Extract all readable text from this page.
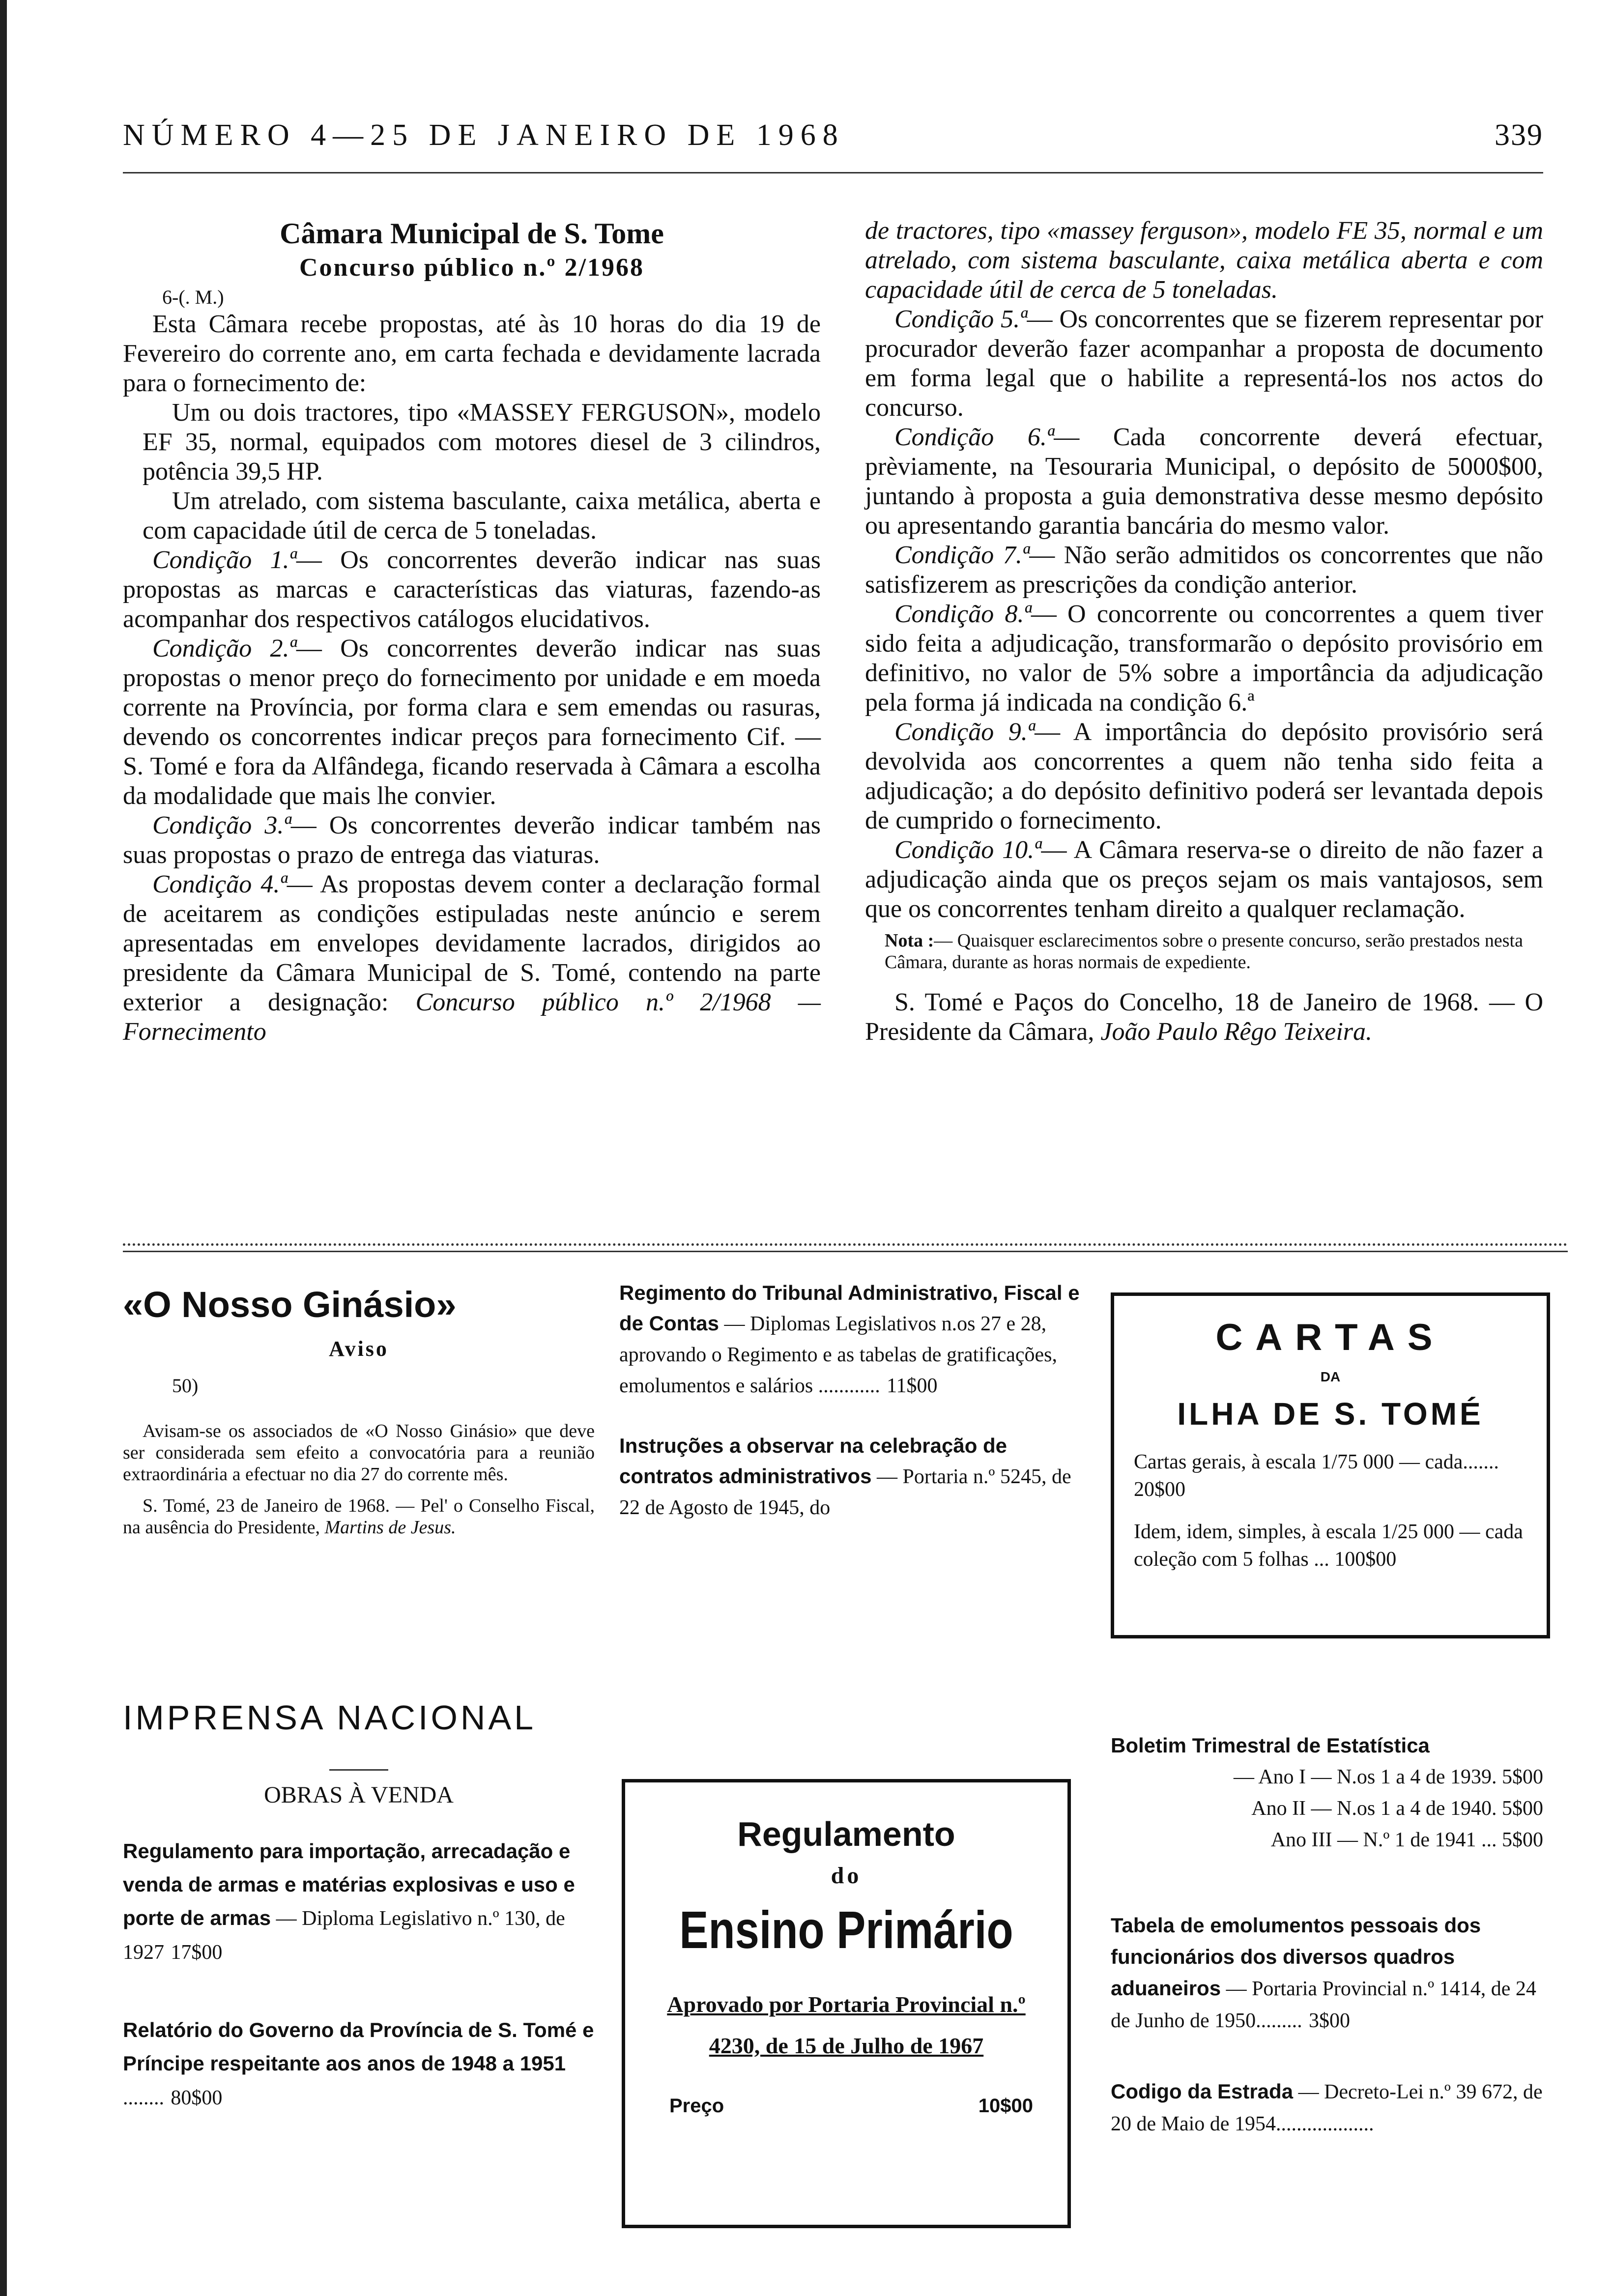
NÚMERO 4—25 DE JANEIRO DE 1968	339
Câmara Municipal de S. Tome
Concurso público n.º 2/1968
6-(. M.)

Esta Câmara recebe propostas, até às 10 horas do dia 19 de Fevereiro do corrente ano, em carta fechada e devidamente lacrada para o fornecimento de:

Um ou dois tractores, tipo «MASSEY FERGUSON», modelo EF 35, normal, equipados com motores diesel de 3 cilindros, potência 39,5 HP.

Um atrelado, com sistema basculante, caixa metálica, aberta e com capacidade útil de cerca de 5 toneladas.

Condição 1.ª— Os concorrentes deverão indicar nas suas propostas as marcas e características das viaturas, fazendo-as acompanhar dos respectivos catálogos elucidativos.

Condição 2.ª— Os concorrentes deverão indicar nas suas propostas o menor preço do fornecimento por unidade e em moeda corrente na Província, por forma clara e sem emendas ou rasuras, devendo os concorrentes indicar preços para fornecimento Cif. — S. Tomé e fora da Alfândega, ficando reservada à Câmara a escolha da modalidade que mais lhe convier.

Condição 3.ª— Os concorrentes deverão indicar também nas suas propostas o prazo de entrega das viaturas.

Condição 4.ª— As propostas devem conter a declaração formal de aceitarem as condições estipuladas neste anúncio e serem apresentadas em envelopes devidamente lacrados, dirigidos ao presidente da Câmara Municipal de S. Tomé, contendo na parte exterior a designação: Concurso público n.º 2/1968 — Fornecimento

de tractores, tipo «massey ferguson», modelo FE 35, normal e um atrelado, com sistema basculante, caixa metálica aberta e com capacidade útil de cerca de 5 toneladas.

Condição 5.ª— Os concorrentes que se fizerem representar por procurador deverão fazer acompanhar a proposta de documento em forma legal que o habilite a representá-los nos actos do concurso.

Condição 6.ª— Cada concorrente deverá efectuar, prèviamente, na Tesouraria Municipal, o depósito de 5000$00, juntando à proposta a guia demonstrativa desse mesmo depósito ou apresentando garantia bancária do mesmo valor.

Condição 7.ª— Não serão admitidos os concorrentes que não satisfizerem as prescrições da condição anterior.

Condição 8.ª— O concorrente ou concorrentes a quem tiver sido feita a adjudicação, transformarão o depósito provisório em definitivo, no valor de 5% sobre a importância da adjudicação pela forma já indicada na condição 6.ª

Condição 9.ª— A importância do depósito provisório será devolvida aos concorrentes a quem não tenha sido feita a adjudicação; a do depósito definitivo poderá ser levantada depois de cumprido o fornecimento.

Condição 10.ª— A Câmara reserva-se o direito de não fazer a adjudicação ainda que os preços sejam os mais vantajosos, sem que os concorrentes tenham direito a qualquer reclamação.

Nota :— Quaisquer esclarecimentos sobre o presente concurso, serão prestados nesta Câmara, durante as horas normais de expediente.

S. Tomé e Paços do Concelho, 18 de Janeiro de 1968. — O Presidente da Câmara, João Paulo Rêgo Teixeira.

«O Nosso Ginásio»
Aviso
50)
Avisam-se os associados de «O Nosso Ginásio» que deve ser considerada sem efeito a convocatória para a reunião extraordinária a efectuar no dia 27 do corrente mês.
S. Tomé, 23 de Janeiro de 1968. — Pel' o Conselho Fiscal, na ausência do Presidente, Martins de Jesus.
Regimento do Tribunal Administrativo, Fiscal e de Contas — Diplomas Legislativos n.os 27 e 28, aprovando o Regimento e as tabelas de gratificações, emolumentos e salários ............ 11$00
Instruções a observar na celebração de contratos administrativos — Portaria n.º 5245, de 22 de Agosto de 1945, do
CARTAS
DA
ILHA DE S. TOMÉ
Cartas gerais, à escala 1/75 000 — cada....... 20$00
Idem, idem, simples, à escala 1/25 000 — cada coleção com 5 folhas ... 100$00
IMPRENSA NACIONAL
OBRAS À VENDA
Regulamento para importação, arrecadação e venda de armas e matérias explosivas e uso e porte de armas — Diploma Legislativo n.º 130, de 1927 17$00
Relatório do Governo da Província de S. Tomé e Príncipe respeitante aos anos de 1948 a 1951 ........ 80$00
Regulamento
do
Ensino Primário
Aprovado por Portaria Provincial n.º 4230, de 15 de Julho de 1967
Preço	10$00
Boletim Trimestral de Estatística
— Ano I — N.os 1 a 4 de 1939. 5$00
Ano II — N.os 1 a 4 de 1940. 5$00
Ano III — N.º 1 de 1941 ... 5$00
Tabela de emolumentos pessoais dos funcionários dos diversos quadros aduaneiros — Portaria Provincial n.º 1414, de 24 de Junho de 1950......... 3$00
Codigo da Estrada — Decreto-Lei n.º 39 672, de 20 de Maio de 1954...................
